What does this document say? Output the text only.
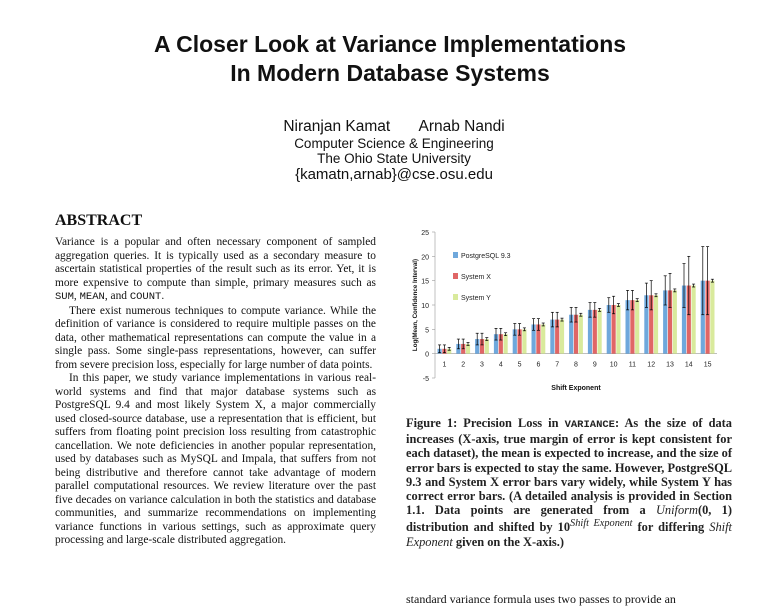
A Closer Look at Variance Implementations
In Modern Database Systems
Niranjan Kamat Arnab Nandi
Computer Science & Engineering
The Ohio State University
{kamatn,arnab}@cse.osu.edu
ABSTRACT

Variance is a popular and often necessary component of sampled aggregation queries. It is typically used as a secondary measure to ascertain statistical properties of the result such as its error. Yet, it is more expensive to compute than simple, primary measures such as SUM, MEAN, and COUNT.

There exist numerous techniques to compute variance. While the definition of variance is considered to require multiple passes on the data, other mathematical representations can compute the value in a single pass. Some single-pass representations, however, can suffer from severe precision loss, especially for large number of data points.

In this paper, we study variance implementations in various real-world systems and find that major database systems such as PostgreSQL 9.4 and most likely System X, a major commercially used closed-source database, use a representation that is efficient, but suffers from floating point precision loss resulting from catastrophic cancellation. We note deficiencies in another popular representation, used by databases such as MySQL and Impala, that suffers from not being distributive and therefore cannot take advantage of modern parallel computational resources. We review literature over the past five decades on variance calculation in both the statistics and database communities, and summarize recommendations on implementing variance functions in various settings, such as approximate query processing and large-scale distributed aggregation.

-5
0
5
10
15
20
25
1 2 3 4 5 6 7 8 9 10 11 12 13 14 15
Shift Exponent
Log(Mean, Confidence Interval)
PostgreSQL 9.3
System X
System Y
Figure 1: Precision Loss in VARIANCE: As the size of data increases (X-axis, true margin of error is kept consistent for each dataset), the mean is expected to increase, and the size of error bars is expected to stay the same. However, PostgreSQL 9.3 and System X error bars vary widely, while System Y has correct error bars. (A detailed analysis is provided in Section 1.1. Data points are generated from a Uniform(0, 1) distribution and shifted by $10^{Shift Exponent}$ for differing Shift Exponent given on the X-axis.)
standard variance formula uses two passes to provide an
